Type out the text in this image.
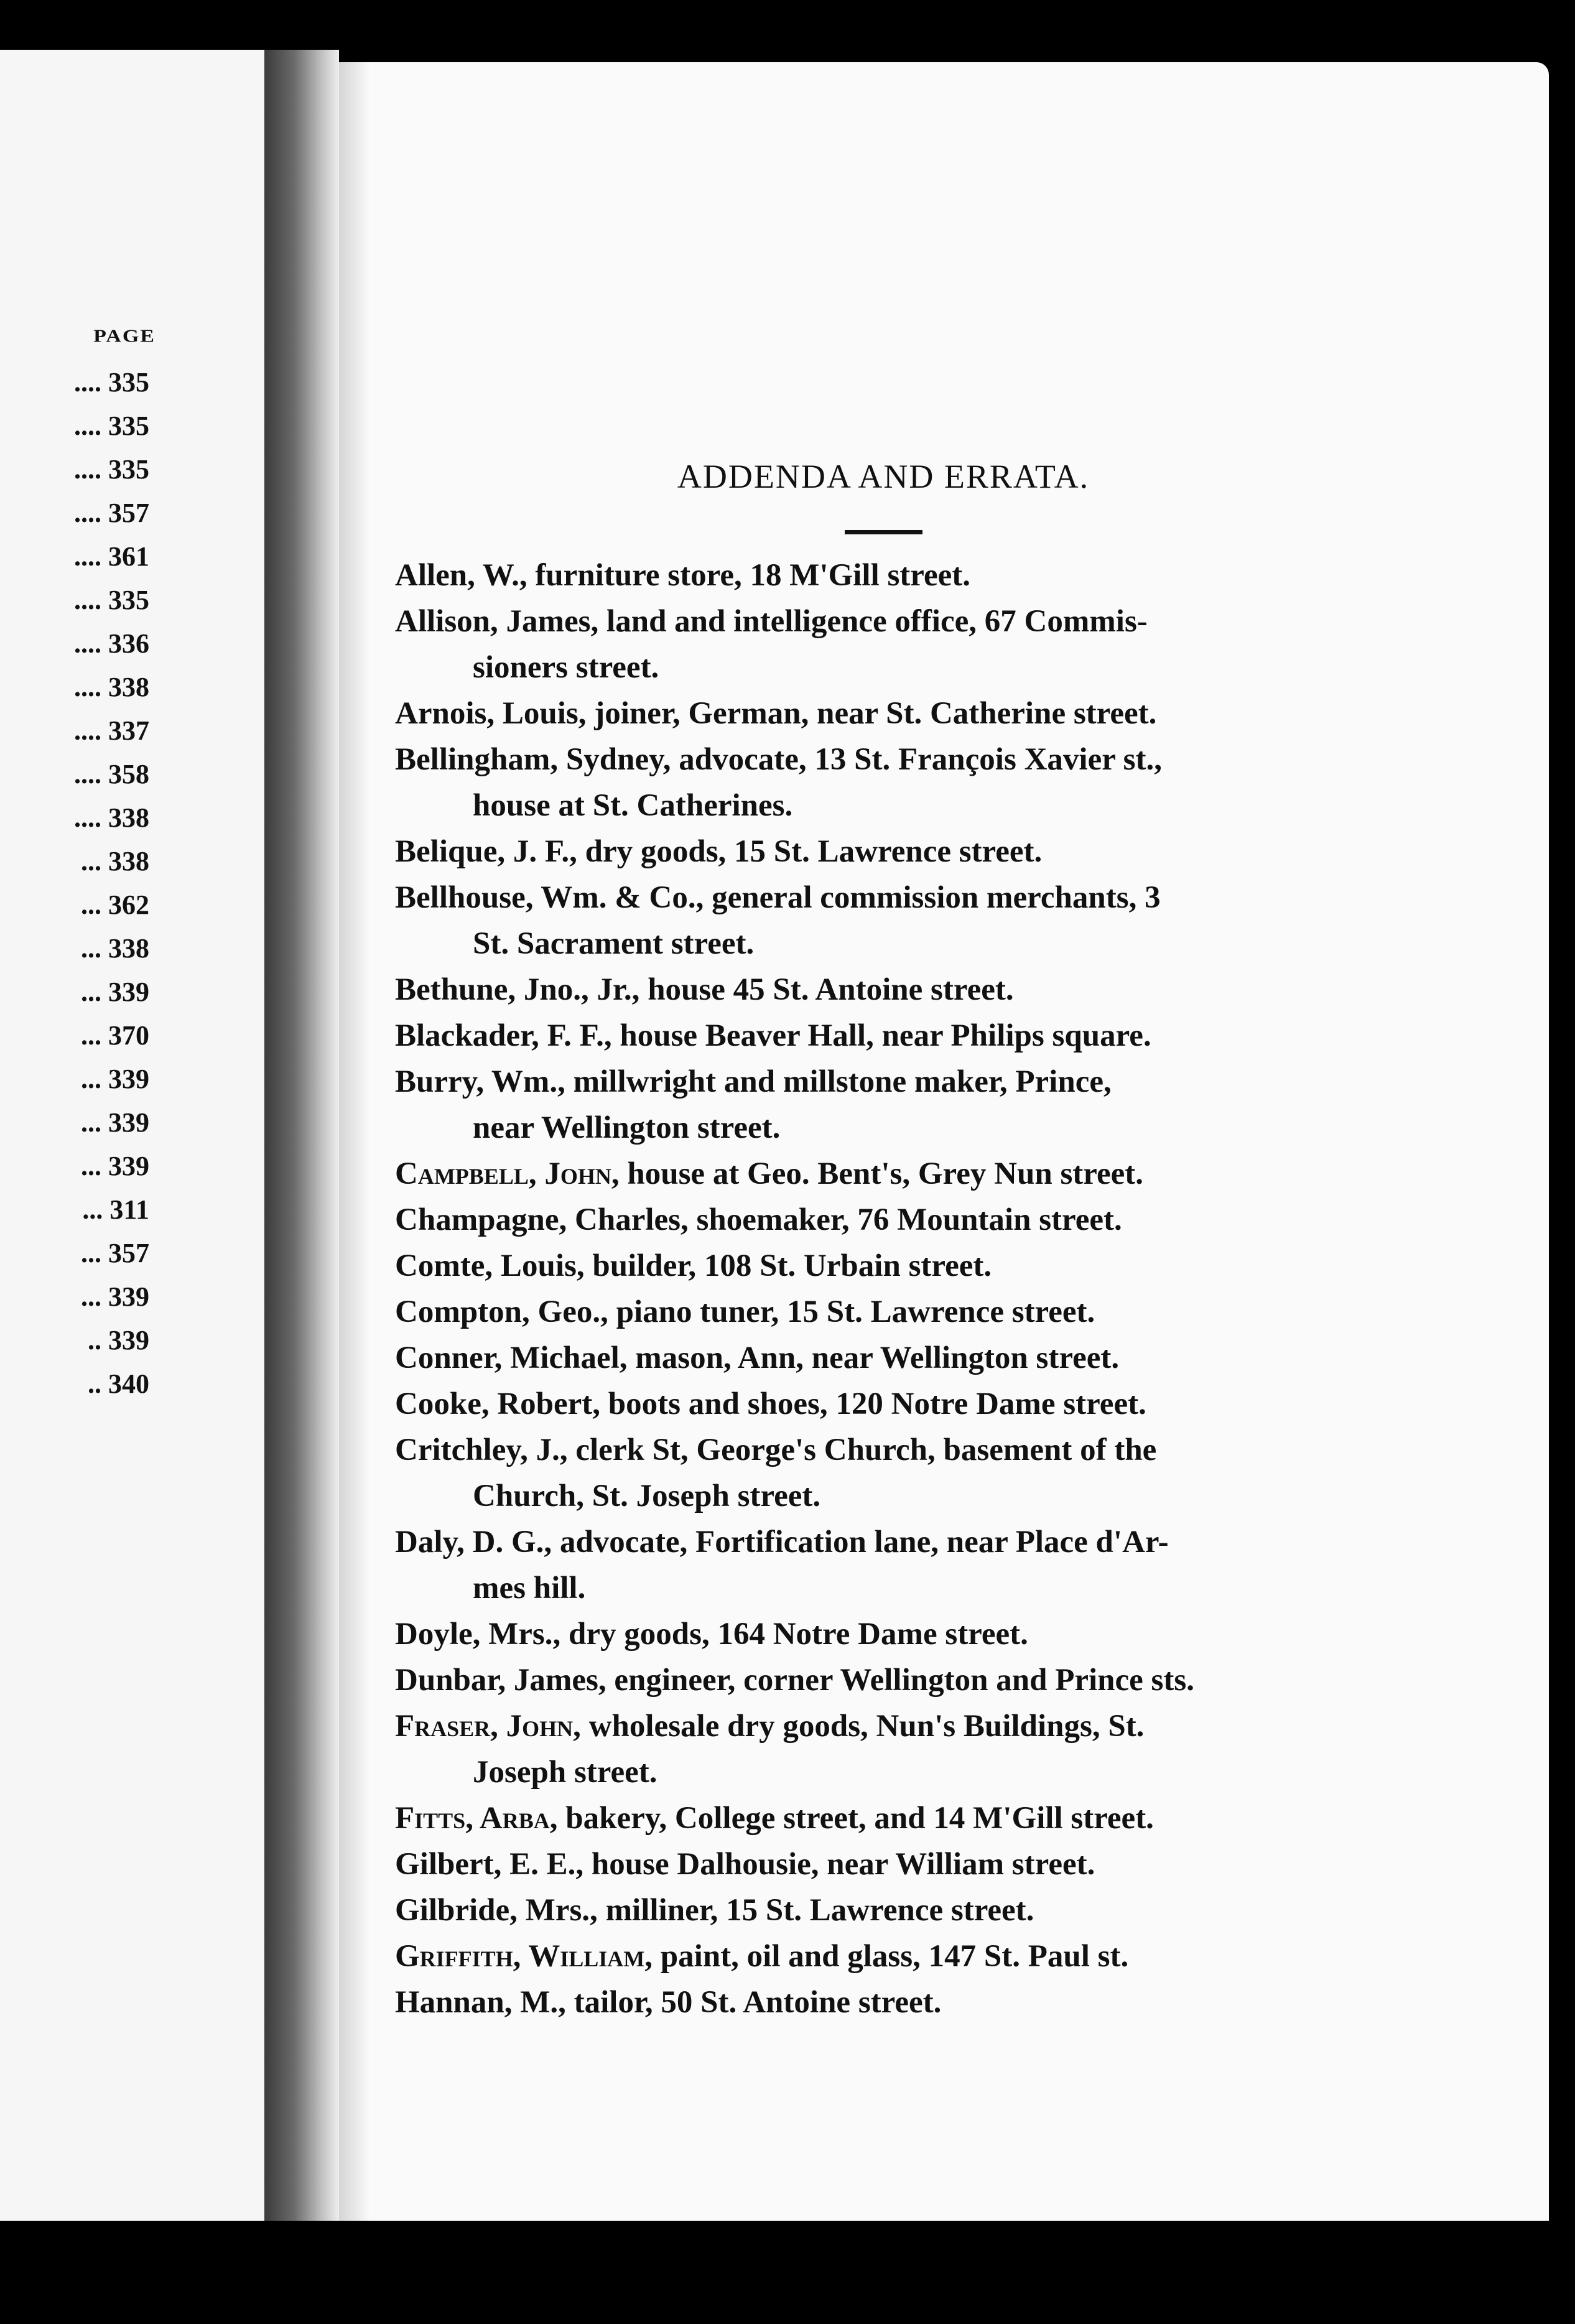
PAGE
.... 335
.... 335
.... 335
.... 357
.... 361
.... 335
.... 336
.... 338
.... 337
.... 358
.... 338
... 338
... 362
... 338
... 339
... 370
... 339
... 339
... 339
... 311
... 357
... 339
.. 339
.. 340
ADDENDA AND ERRATA.
Allen, W., furniture store, 18 M'Gill street.
Allison, James, land and intelligence office, 67 Commis-
sioners street.
Arnois, Louis, joiner, German, near St. Catherine street.
Bellingham, Sydney, advocate, 13 St. François Xavier st.,
house at St. Catherines.
Belique, J. F., dry goods, 15 St. Lawrence street.
Bellhouse, Wm. & Co., general commission merchants, 3
St. Sacrament street.
Bethune, Jno., Jr., house 45 St. Antoine street.
Blackader, F. F., house Beaver Hall, near Philips square.
Burry, Wm., millwright and millstone maker, Prince,
near Wellington street.
Campbell, John, house at Geo. Bent's, Grey Nun street.
Champagne, Charles, shoemaker, 76 Mountain street.
Comte, Louis, builder, 108 St. Urbain street.
Compton, Geo., piano tuner, 15 St. Lawrence street.
Conner, Michael, mason, Ann, near Wellington street.
Cooke, Robert, boots and shoes, 120 Notre Dame street.
Critchley, J., clerk St, George's Church, basement of the
Church, St. Joseph street.
Daly, D. G., advocate, Fortification lane, near Place d'Ar-
mes hill.
Doyle, Mrs., dry goods, 164 Notre Dame street.
Dunbar, James, engineer, corner Wellington and Prince sts.
Fraser, John, wholesale dry goods, Nun's Buildings, St.
Joseph street.
Fitts, Arba, bakery, College street, and 14 M'Gill street.
Gilbert, E. E., house Dalhousie, near William street.
Gilbride, Mrs., milliner, 15 St. Lawrence street.
Griffith, William, paint, oil and glass, 147 St. Paul st.
Hannan, M., tailor, 50 St. Antoine street.
